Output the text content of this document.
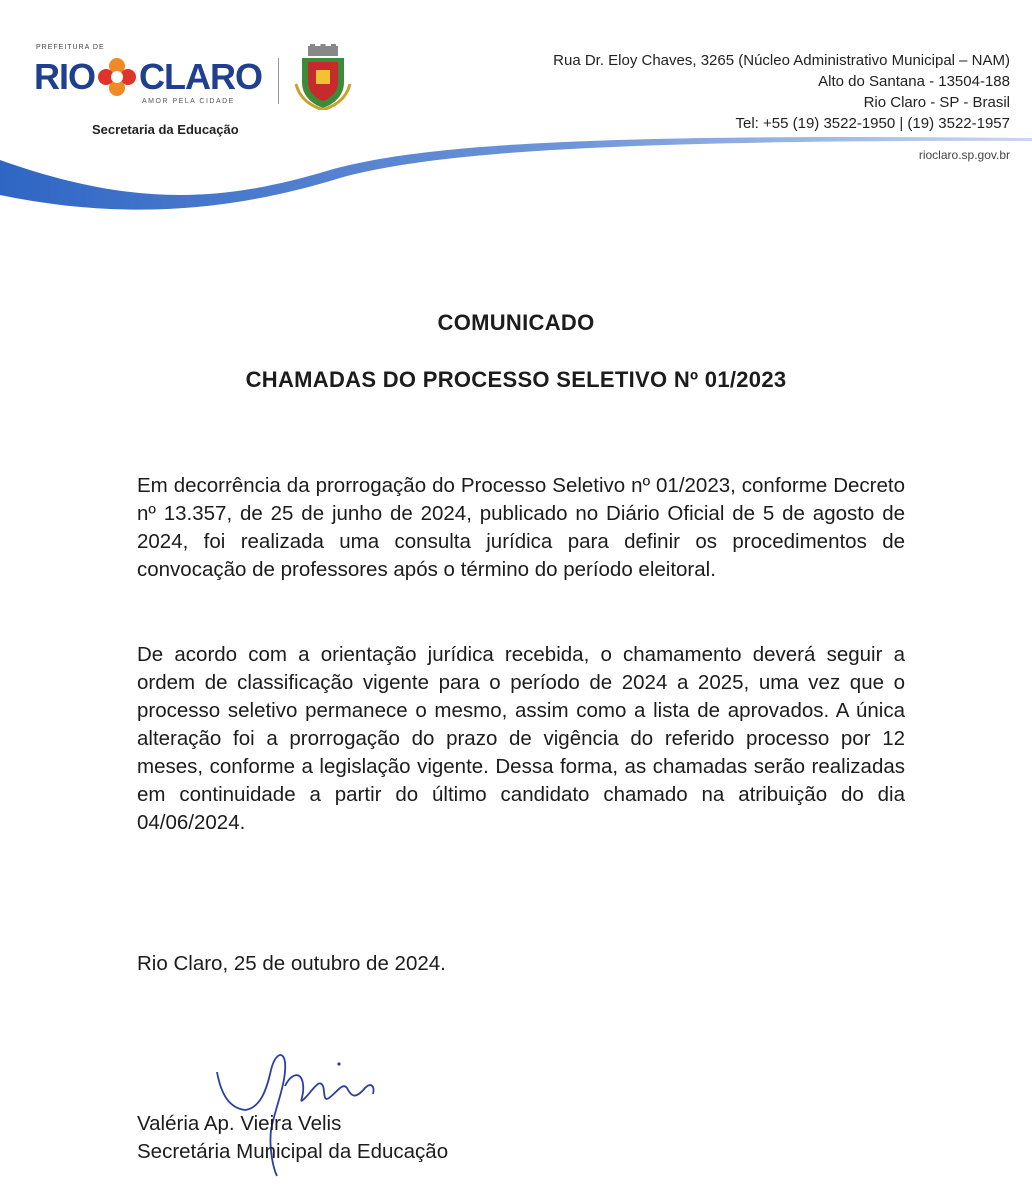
PREFEITURA DE
RIO CLARO
AMOR PELA CIDADE
Secretaria da Educação
Rua Dr. Eloy Chaves, 3265 (Núcleo Administrativo Municipal – NAM)
Alto do Santana - 13504-188
Rio Claro - SP - Brasil
Tel: +55 (19) 3522-1950 | (19) 3522-1957
rioclaro.sp.gov.br
COMUNICADO
CHAMADAS DO PROCESSO SELETIVO Nº 01/2023
Em decorrência da prorrogação do Processo Seletivo nº 01/2023, conforme Decreto nº 13.357, de 25 de junho de 2024, publicado no Diário Oficial de 5 de agosto de 2024, foi realizada uma consulta jurídica para definir os procedimentos de convocação de professores após o término do período eleitoral.
De acordo com a orientação jurídica recebida, o chamamento deverá seguir a ordem de classificação vigente para o período de 2024 a 2025, uma vez que o processo seletivo permanece o mesmo, assim como a lista de aprovados. A única alteração foi a prorrogação do prazo de vigência do referido processo por 12 meses, conforme a legislação vigente. Dessa forma, as chamadas serão realizadas em continuidade a partir do último candidato chamado na atribuição do dia 04/06/2024.
Rio Claro, 25 de outubro de 2024.
Valéria Ap. Vieira Velis
Secretária Municipal da Educação
